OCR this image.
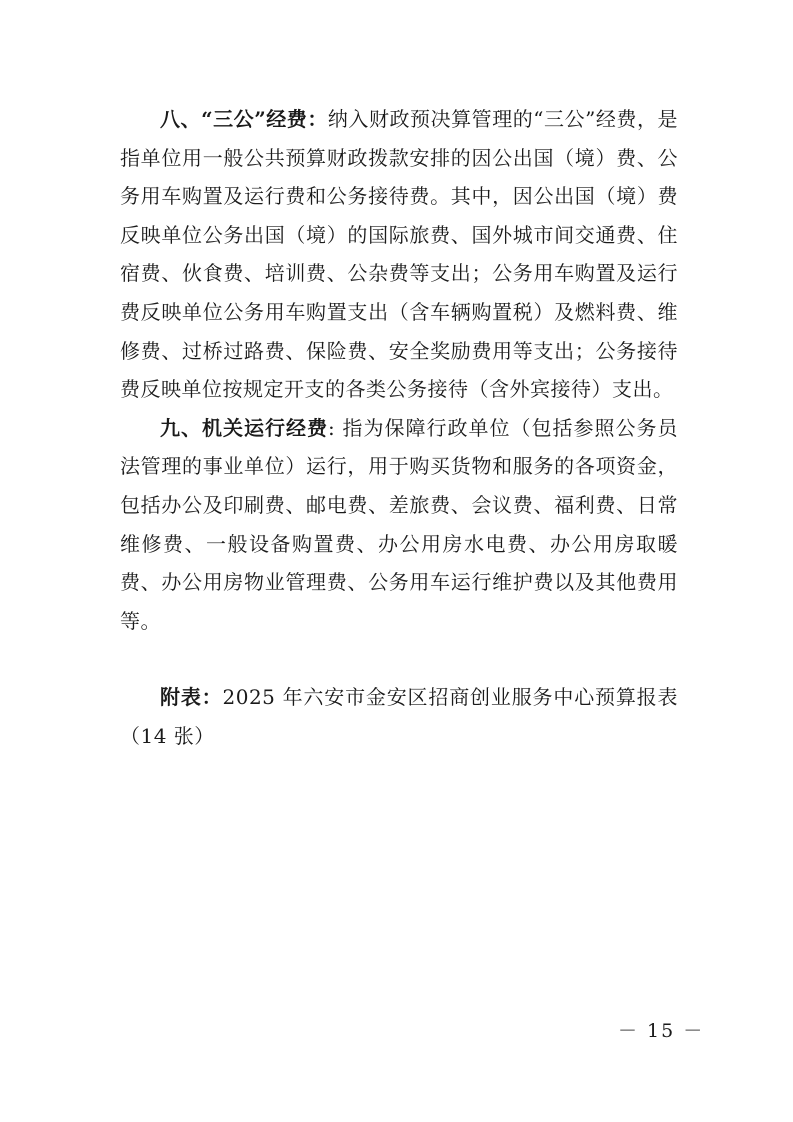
八、“三公”经费：纳入财政预决算管理的“三公”经费，是指单位用一般公共预算财政拨款安排的因公出国（境）费、公务用车购置及运行费和公务接待费。其中，因公出国（境）费反映单位公务出国（境）的国际旅费、国外城市间交通费、住宿费、伙食费、培训费、公杂费等支出；公务用车购置及运行费反映单位公务用车购置支出（含车辆购置税）及燃料费、维修费、过桥过路费、保险费、安全奖励费用等支出；公务接待费反映单位按规定开支的各类公务接待（含外宾接待）支出。

九、机关运行经费: 指为保障行政单位（包括参照公务员法管理的事业单位）运行，用于购买货物和服务的各项资金，包括办公及印刷费、邮电费、差旅费、会议费、福利费、日常维修费、一般设备购置费、办公用房水电费、办公用房取暖费、办公用房物业管理费、公务用车运行维护费以及其他费用等。

附表：2025 年六安市金安区招商创业服务中心预算报表（14 张）

－ 15 －
